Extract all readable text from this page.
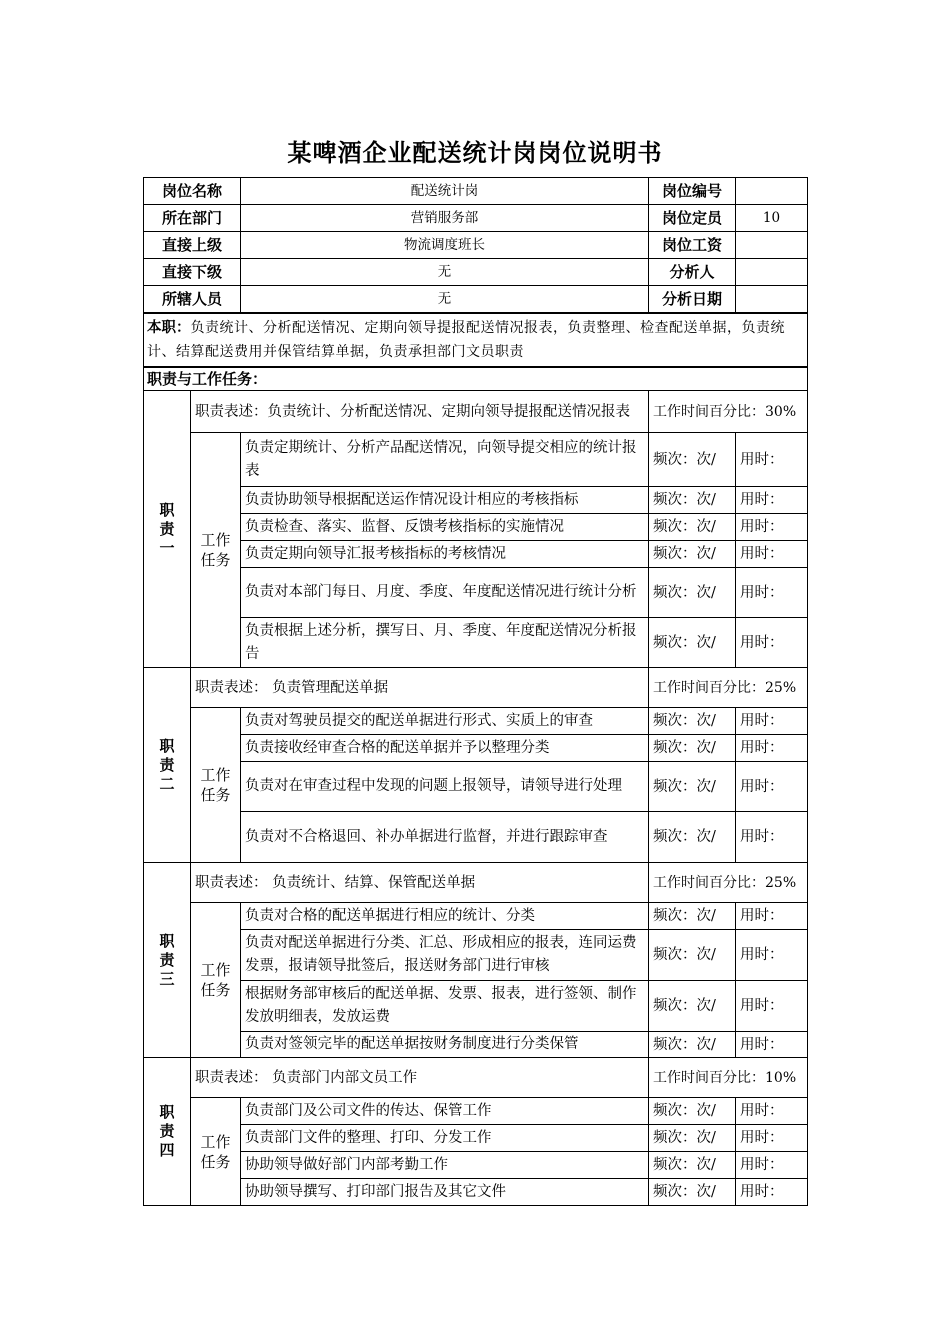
某啤酒企业配送统计岗岗位说明书
岗位名称		配送统计岗	岗位编号	
所在部门		营销服务部	岗位定员	10
直接上级		物流调度班长	岗位工资	
直接下级		无	分析人	
所辖人员		无	分析日期	
本职：负责统计、分析配送情况、定期向领导提报配送情况报表，负责整理、检查配送单据，负责统计、结算配送费用并保管结算单据，负责承担部门文员职责				
职责与工作任务：				

职
责
一	职责表述：负责统计、分析配送情况、定期向领导提报配送情况报表		工作时间百分比：30%	

	工作
任务	负责定期统计、分析产品配送情况，向领导提交相应的统计报表	频次：次/	用时：
		负责协助领导根据配送运作情况设计相应的考核指标	频次：次/	用时：
		负责检查、落实、监督、反馈考核指标的实施情况	频次：次/	用时：
		负责定期向领导汇报考核指标的考核情况	频次：次/	用时：
		负责对本部门每日、月度、季度、年度配送情况进行统计分析	频次：次/	用时：
		负责根据上述分析，撰写日、月、季度、年度配送情况分析报告	频次：次/	用时：

职
责
二	职责表述： 负责管理配送单据		工作时间百分比：25%	

	工作
任务	负责对驾驶员提交的配送单据进行形式、实质上的审查	频次：次/	用时：
		负责接收经审查合格的配送单据并予以整理分类	频次：次/	用时：
		负责对在审查过程中发现的问题上报领导，请领导进行处理	频次：次/	用时：
		负责对不合格退回、补办单据进行监督，并进行跟踪审查	频次：次/	用时：

职
责
三	职责表述： 负责统计、结算、保管配送单据		工作时间百分比：25%	

	工作
任务	负责对合格的配送单据进行相应的统计、分类	频次：次/	用时：
		负责对配送单据进行分类、汇总、形成相应的报表，连同运费发票，报请领导批签后，报送财务部门进行审核	频次：次/	用时：
		根据财务部审核后的配送单据、发票、报表，进行签领、制作发放明细表，发放运费	频次：次/	用时：
		负责对签领完毕的配送单据按财务制度进行分类保管	频次：次/	用时：

职
责
四	职责表述： 负责部门内部文员工作		工作时间百分比：10%	

	工作
任务	负责部门及公司文件的传达、保管工作	频次：次/	用时：
		负责部门文件的整理、打印、分发工作	频次：次/	用时：
		协助领导做好部门内部考勤工作	频次：次/	用时：
		协助领导撰写、打印部门报告及其它文件	频次：次/	用时：
